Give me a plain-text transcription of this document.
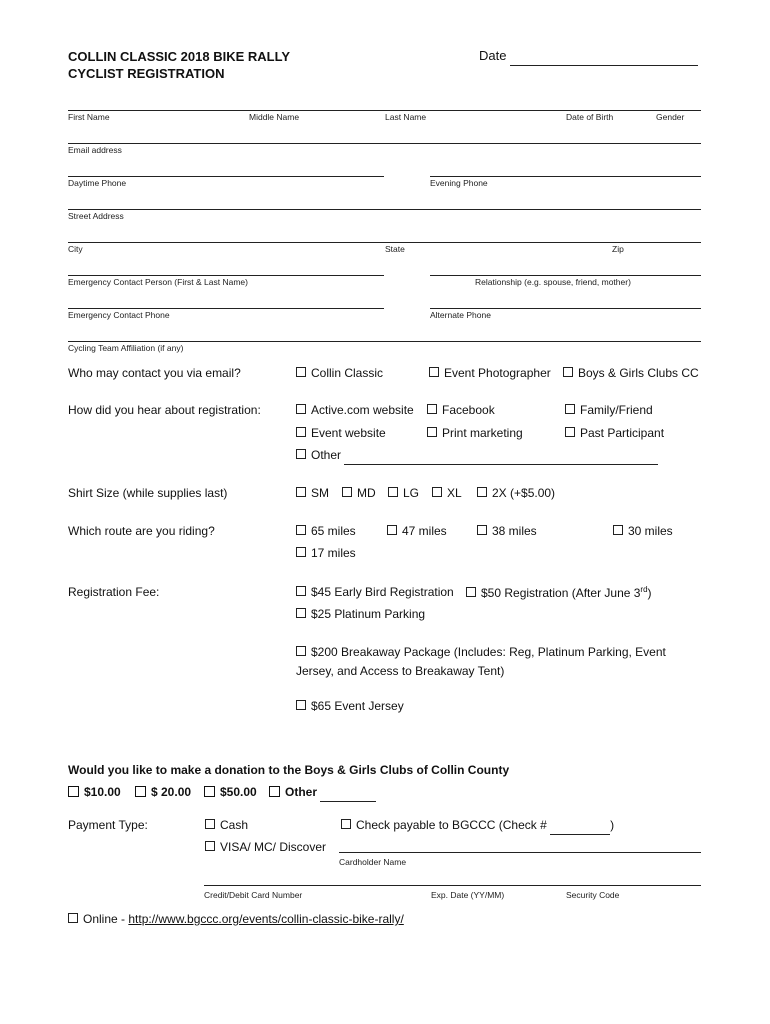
COLLIN CLASSIC 2018 BIKE RALLY
CYCLIST REGISTRATION
Date
First Name	Middle Name	Last Name	Date of Birth	Gender
Email address
Daytime Phone	Evening Phone
Street Address
City	State	Zip
Emergency Contact Person (First & Last Name)	Relationship (e.g. spouse, friend, mother)
Emergency Contact Phone	Alternate Phone
Cycling Team Affiliation (if any)
Who may contact you via email?	Collin Classic	Event Photographer	Boys & Girls Clubs CC
How did you hear about registration:	Active.com website	Facebook	Family/Friend
Event website	Print marketing	Past Participant
Other
Shirt Size (while supplies last)	SM	MD	LG	XL	2X (+$5.00)
Which route are you riding?	65 miles	47 miles	38 miles	30 miles
17 miles
Registration Fee:	$45 Early Bird Registration	$50 Registration (After June 3rd)
$25 Platinum Parking
$200 Breakaway Package (Includes: Reg, Platinum Parking, Event
Jersey, and Access to Breakaway Tent)
$65 Event Jersey
Would you like to make a donation to the Boys & Girls Clubs of Collin County
$10.00	$ 20.00	$50.00	Other
Payment Type:	Cash	Check payable to BGCCC (Check #	)
VISA/ MC/ Discover
Cardholder Name
Credit/Debit Card Number	Exp. Date (YY/MM)	Security Code
Online - http://www.bgccc.org/events/collin-classic-bike-rally/
